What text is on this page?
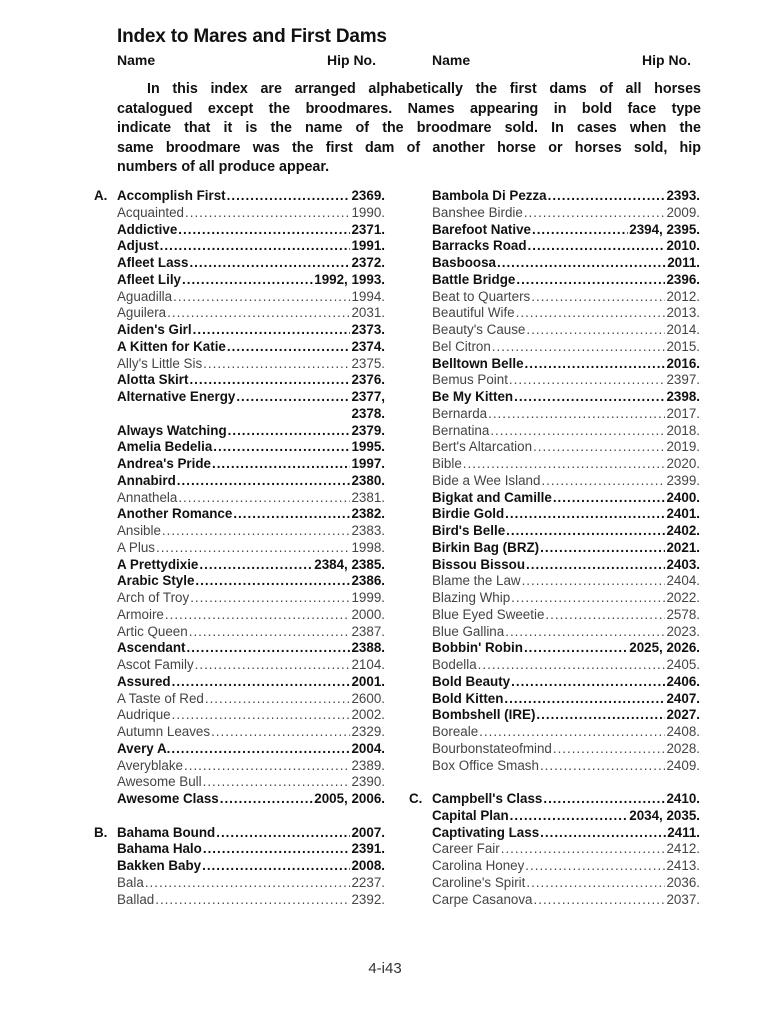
Index to Mares and First Dams
Name	Hip No.	Name	Hip No.
In this index are arranged alphabetically the first dams of all horses
catalogued except the broodmares. Names appearing in bold face type
indicate that it is the name of the broodmare sold. In cases when the
same broodmare was the first dam of another horse or horses sold, hip
numbers of all produce appear.
A. Accomplish First .....	2369.
Acquainted .....	1990.
Addictive .....	2371.
Adjust .....	1991.
Afleet Lass .....	2372.
Afleet Lily .....	1992, 1993.
Aguadilla .....	1994.
Aguilera .....	2031.
Aiden's Girl .....	2373.
A Kitten for Katie .....	2374.
Ally's Little Sis .....	2375.
Alotta Skirt .....	2376.
Alternative Energy .....	2377,
2378.
Always Watching .....	2379.
Amelia Bedelia .....	1995.
Andrea's Pride .....	1997.
Annabird .....	2380.
Annathela .....	2381.
Another Romance .....	2382.
Ansible .....	2383.
A Plus .....	1998.
A Prettydixie .....	2384, 2385.
Arabic Style .....	2386.
Arch of Troy .....	1999.
Armoire .....	2000.
Artic Queen .....	2387.
Ascendant .....	2388.
Ascot Family .....	2104.
Assured .....	2001.
A Taste of Red .....	2600.
Audrique .....	2002.
Autumn Leaves .....	2329.
Avery A. .....	2004.
Averyblake .....	2389.
Awesome Bull .....	2390.
Awesome Class .....	2005, 2006.
B. Bahama Bound .....	2007.
Bahama Halo .....	2391.
Bakken Baby .....	2008.
Bala .....	2237.
Ballad .....	2392.
Bambola Di Pezza .....	2393.
Banshee Birdie .....	2009.
Barefoot Native .....	2394, 2395.
Barracks Road .....	2010.
Basboosa .....	2011.
Battle Bridge .....	2396.
Beat to Quarters .....	2012.
Beautiful Wife .....	2013.
Beauty's Cause .....	2014.
Bel Citron .....	2015.
Belltown Belle .....	2016.
Bemus Point .....	2397.
Be My Kitten .....	2398.
Bernarda .....	2017.
Bernatina .....	2018.
Bert's Altarcation .....	2019.
Bible .....	2020.
Bide a Wee Island .....	2399.
Bigkat and Camille .....	2400.
Birdie Gold .....	2401.
Bird's Belle .....	2402.
Birkin Bag (BRZ) .....	2021.
Bissou Bissou .....	2403.
Blame the Law .....	2404.
Blazing Whip .....	2022.
Blue Eyed Sweetie .....	2578.
Blue Gallina .....	2023.
Bobbin' Robin .....	2025, 2026.
Bodella .....	2405.
Bold Beauty .....	2406.
Bold Kitten .....	2407.
Bombshell (IRE) .....	2027.
Boreale .....	2408.
Bourbonstateofmind .....	2028.
Box Office Smash .....	2409.
C. Campbell's Class .....	2410.
Capital Plan .....	2034, 2035.
Captivating Lass .....	2411.
Career Fair .....	2412.
Carolina Honey .....	2413.
Caroline's Spirit .....	2036.
Carpe Casanova .....	2037.
4-i43
